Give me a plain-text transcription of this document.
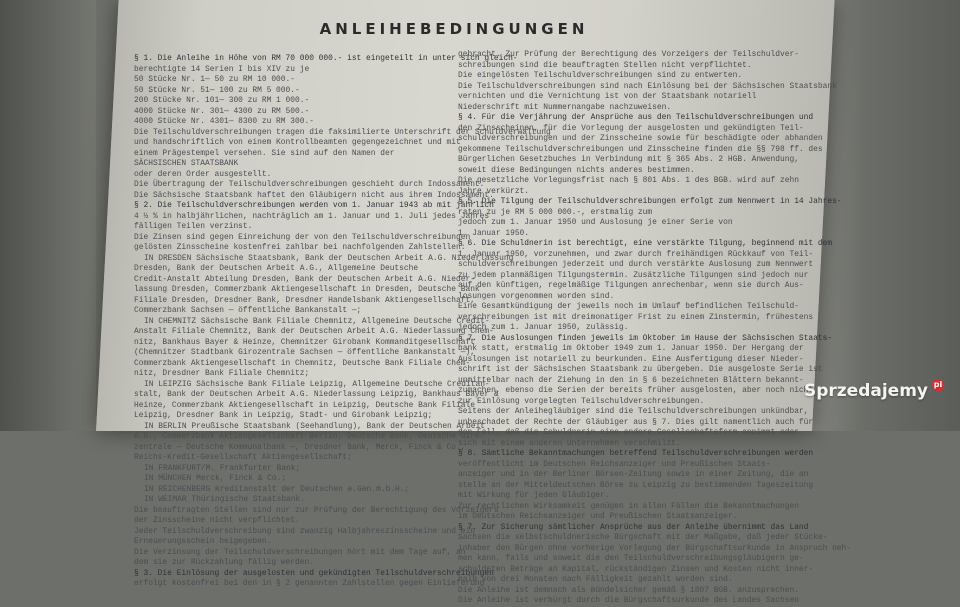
ANLEIHEBEDINGUNGEN
§ 1. Die Anleihe in Höhe von RM 70 000 000.- ist eingeteilt in unter sich gleich-
berechtigte 14 Serien I bis XIV zu je
50 Stücke Nr. 1— 50 zu RM 10 000.-
50 Stücke Nr. 51— 100 zu RM 5 000.-
200 Stücke Nr. 101— 300 zu RM 1 000.-
4000 Stücke Nr. 301— 4300 zu RM 500.-
4000 Stücke Nr. 4301— 8300 zu RM 300.-
Die Teilschuldverschreibungen tragen die faksimilierte Unterschrift der Schuldverwaltung
und handschriftlich von einem Kontrollbeamten gegengezeichnet und mit
einem Prägestempel versehen. Sie sind auf den Namen der
SÄCHSISCHEN STAATSBANK
oder deren Order ausgestellt.
Die Übertragung der Teilschuldverschreibungen geschieht durch Indossament.
Die Sächsische Staatsbank haftet den Gläubigern nicht aus ihrem Indossament.
§ 2. Die Teilschuldverschreibungen werden vom 1. Januar 1943 ab mit jährlich
4 ½ % in halbjährlichen, nachträglich am 1. Januar und 1. Juli jedes Jahres
fälligen Teilen verzinst.
Die Zinsen sind gegen Einreichung der von den Teilschuldverschreibungen
gelösten Zinsscheine kostenfrei zahlbar bei nachfolgenden Zahlstellen:
IN DRESDEN Sächsische Staatsbank, Bank der Deutschen Arbeit A.G. Niederlassung
Dresden, Bank der Deutschen Arbeit A.G., Allgemeine Deutsche
Credit-Anstalt Abteilung Dresden, Bank der Deutschen Arbeit A.G. Nieder-
lassung Dresden, Commerzbank Aktiengesellschaft in Dresden, Deutsche Bank
Filiale Dresden, Dresdner Bank, Dresdner Handelsbank Aktiengesellschaft,
Commerzbank Sachsen — öffentliche Bankanstalt —;
IN CHEMNITZ Sächsische Bank Filiale Chemnitz, Allgemeine Deutsche Credit-
Anstalt Filiale Chemnitz, Bank der Deutschen Arbeit A.G. Niederlassung Chem-
nitz, Bankhaus Bayer & Heinze, Chemnitzer Girobank Kommanditgesellschaft
(Chemnitzer Stadtbank Girozentrale Sachsen — öffentliche Bankanstalt —),
Commerzbank Aktiengesellschaft in Chemnitz, Deutsche Bank Filiale Chem-
nitz, Dresdner Bank Filiale Chemnitz;
IN LEIPZIG Sächsische Bank Filiale Leipzig, Allgemeine Deutsche Creditan-
stalt, Bank der Deutschen Arbeit A.G. Niederlassung Leipzig, Bankhaus Bayer &
Heinze, Commerzbank Aktiengesellschaft in Leipzig, Deutsche Bank Filiale
Leipzig, Dresdner Bank in Leipzig, Stadt- und Girobank Leipzig;
IN BERLIN Preußische Staatsbank (Seehandlung), Bank der Deutschen Arbeit
A.G., Commerzbank Aktiengesellschaft Berlin, Deutsche Bank, Deutsche Giro-
zentrale — Deutsche Kommunalbank —, Dresdner Bank, Merck, Finck & Co.,
Reichs-Kredit-Gesellschaft Aktiengesellschaft;
IN FRANKFURT/M. Frankfurter Bank;
IN MÜNCHEN Merck, Finck & Co.;
IN REICHENBERG Kreditanstalt der Deutschen e.Gen.m.b.H.;
IN WEIMAR Thüringische Staatsbank.
Die beauftragten Stellen sind nur zur Prüfung der Berechtigung des Vorzeigers
der Zinsscheine nicht verpflichtet.
Jeder Teilschuldverschreibung sind zwanzig Halbjahreszinsscheine und ein
Erneuerungsschein beigegeben.
Die Verzinsung der Teilschuldverschreibungen hört mit dem Tage auf, an
dem sie zur Rückzahlung fällig werden.
§ 3. Die Einlösung der ausgelosten und gekündigten Teilschuldverschreibungen
erfolgt kostenfrei bei den in § 2 genannten Zahlstellen gegen Einlieferung
gebracht. Zur Prüfung der Berechtigung des Vorzeigers der Teilschuldver-
schreibungen sind die beauftragten Stellen nicht verpflichtet.
Die eingelösten Teilschuldverschreibungen sind zu entwerten.
Die Teilschuldverschreibungen sind nach Einlösung bei der Sächsischen Staatsbank
vernichten und die Vernichtung ist von der Staatsbank notariell
Niederschrift mit Nummernangabe nachzuweisen.
§ 4. Für die Verjährung der Ansprüche aus den Teilschuldverschreibungen und
den Zinsscheinen, für die Vorlegung der ausgelosten und gekündigten Teil-
schuldverschreibungen und der Zinsscheine sowie für beschädigte oder abhanden
gekommene Teilschuldverschreibungen und Zinsscheine finden die §§ 798 ff. des
Bürgerlichen Gesetzbuches in Verbindung mit § 365 Abs. 2 HGB. Anwendung,
soweit diese Bedingungen nichts anderes bestimmen.
Die gesetzliche Vorlegungsfrist nach § 801 Abs. 1 des BGB. wird auf zehn
Jahre verkürzt.
§ 5. Die Tilgung der Teilschuldverschreibungen erfolgt zum Nennwert in 14 Jahres-
raten zu je RM 5 000 000.-, erstmalig zum
jedoch zum 1. Januar 1950 und Auslosung je einer Serie von
1. Januar 1950.
§ 6. Die Schuldnerin ist berechtigt, eine verstärkte Tilgung, beginnend mit dem
1. Januar 1950, vorzunehmen, und zwar durch freihändigen Rückkauf von Teil-
schuldverschreibungen jederzeit und durch verstärkte Auslosung zum Nennwert
zu jedem planmäßigen Tilgungstermin. Zusätzliche Tilgungen sind jedoch nur
auf den künftigen, regelmäßige Tilgungen anrechenbar, wenn sie durch Aus-
losungen vorgenommen worden sind.
Eine Gesamtkündigung der jeweils noch im Umlauf befindlichen Teilschuld-
verschreibungen ist mit dreimonatiger Frist zu einem Zinstermin, frühestens
jedoch zum 1. Januar 1950, zulässig.
§ 7. Die Auslosungen finden jeweils im Oktober im Hause der Sächsischen Staats-
bank statt, erstmalig im Oktober 1949 zum 1. Januar 1950. Der Hergang der
Auslosungen ist notariell zu beurkunden. Eine Ausfertigung dieser Nieder-
schrift ist der Sächsischen Staatsbank zu übergeben. Die ausgeloste Serie ist
unmittelbar nach der Ziehung in den in § 6 bezeichneten Blättern bekannt-
zumachen, ebenso die Serien der bereits früher ausgelosten, aber noch nicht
zur Einlösung vorgelegten Teilschuldverschreibungen.
Seitens der Anleihegläubiger sind die Teilschuldverschreibungen unkündbar,
unbeschadet der Rechte der Gläubiger aus § 7. Dies gilt namentlich auch für
den Fall, daß die Schuldnerin eine andere Gesellschaftsform annimmt oder
sich mit einem anderen Unternehmen verschmilzt.
§ 8. Sämtliche Bekanntmachungen betreffend Teilschuldverschreibungen werden
veröffentlicht im Deutschen Reichsanzeiger und Preußischen Staats-
anzeiger und in der Berliner Börsen-Zeitung sowie in einer Zeitung, die an
stelle an der Mitteldeutschen Börse zu Leipzig zu bestimmenden Tageszeitung
mit Wirkung für jeden Gläubiger.
Zur rechtlichen Wirksamkeit genügen in allen Fällen die Bekanntmachungen
im Deutschen Reichsanzeiger und Preußischen Staatsanzeiger.
§ 7. Zur Sicherung sämtlicher Ansprüche aus der Anleihe übernimmt das Land
Sachsen die selbstschuldnerische Bürgschaft mit der Maßgabe, daß jeder Stücke-
inhaber den Bürgen ohne vorherige Vorlegung der Bürgschaftsurkunde in Anspruch neh-
men kann, falls und soweit die den Teilschuldverschreibungsgläubigern ge-
schuldeten Beträge an Kapital, rückständigen Zinsen und Kosten nicht inner-
halb von drei Monaten nach Fälligkeit gezahlt worden sind.
Die Anleihe ist demnach als mündelsicher gemäß § 1807 BGB. anzusprechen.
Die Anleihe ist verbürgt durch die Bürgschaftsurkunde des Landes Sachsen
Sprzedajemy pl
